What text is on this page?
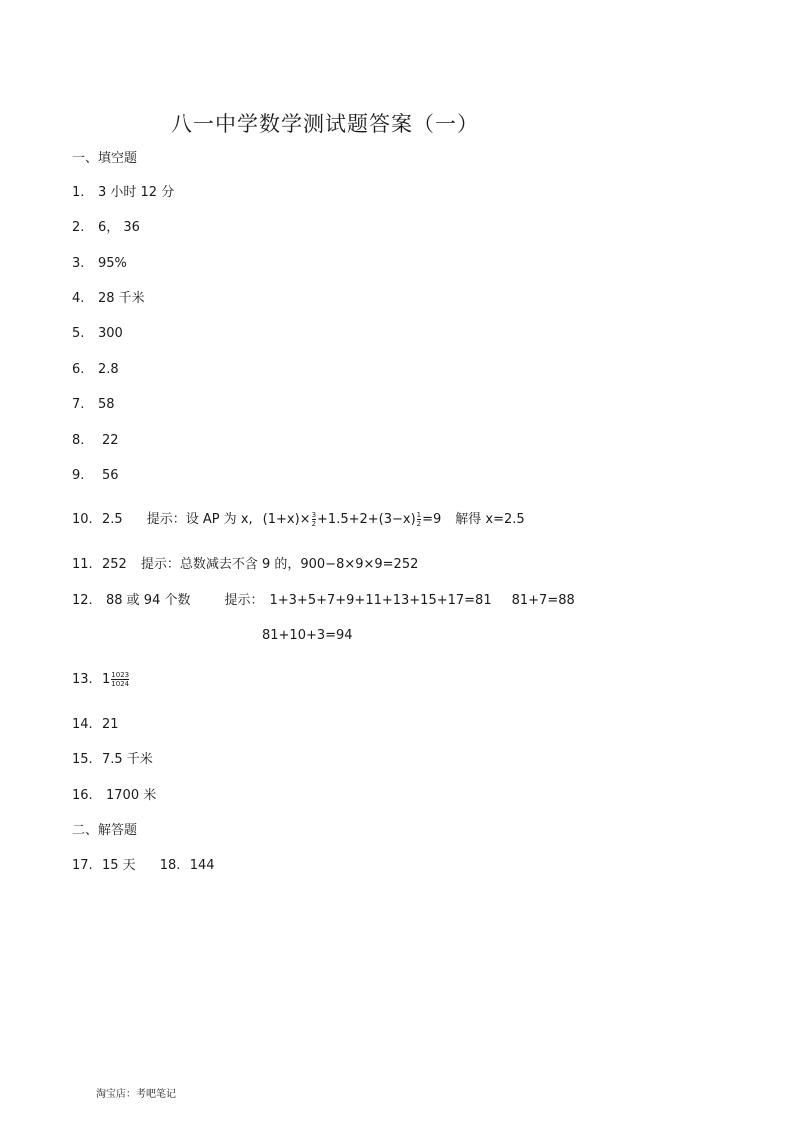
八一中学数学测试题答案（一）
一、填空题
1. 3 小时 12 分
2. 6， 36
3. 95%
4. 28 千米
5. 300
6. 2.8
7. 58
8. 22
9. 56
10. 2.5 提示：设 AP 为 x, $(1+x)\times\frac{3}{2} +1.5+2+(3-x)\frac{1}{2} =9$ 解得 x=2.5
11. 252 提示：总数减去不含 9 的，900−8×9×9=252
12. 88 或 94 个数	提示： 1+3+5+7+9+11+13+15+17=81 81+7=88
81+10+3=94
13. $1\frac{1023}{1024}$
14. 21
15. 7.5 千米
16. 1700 米
二、解答题
17. 15 天 18. 144
淘宝店：考吧笔记
